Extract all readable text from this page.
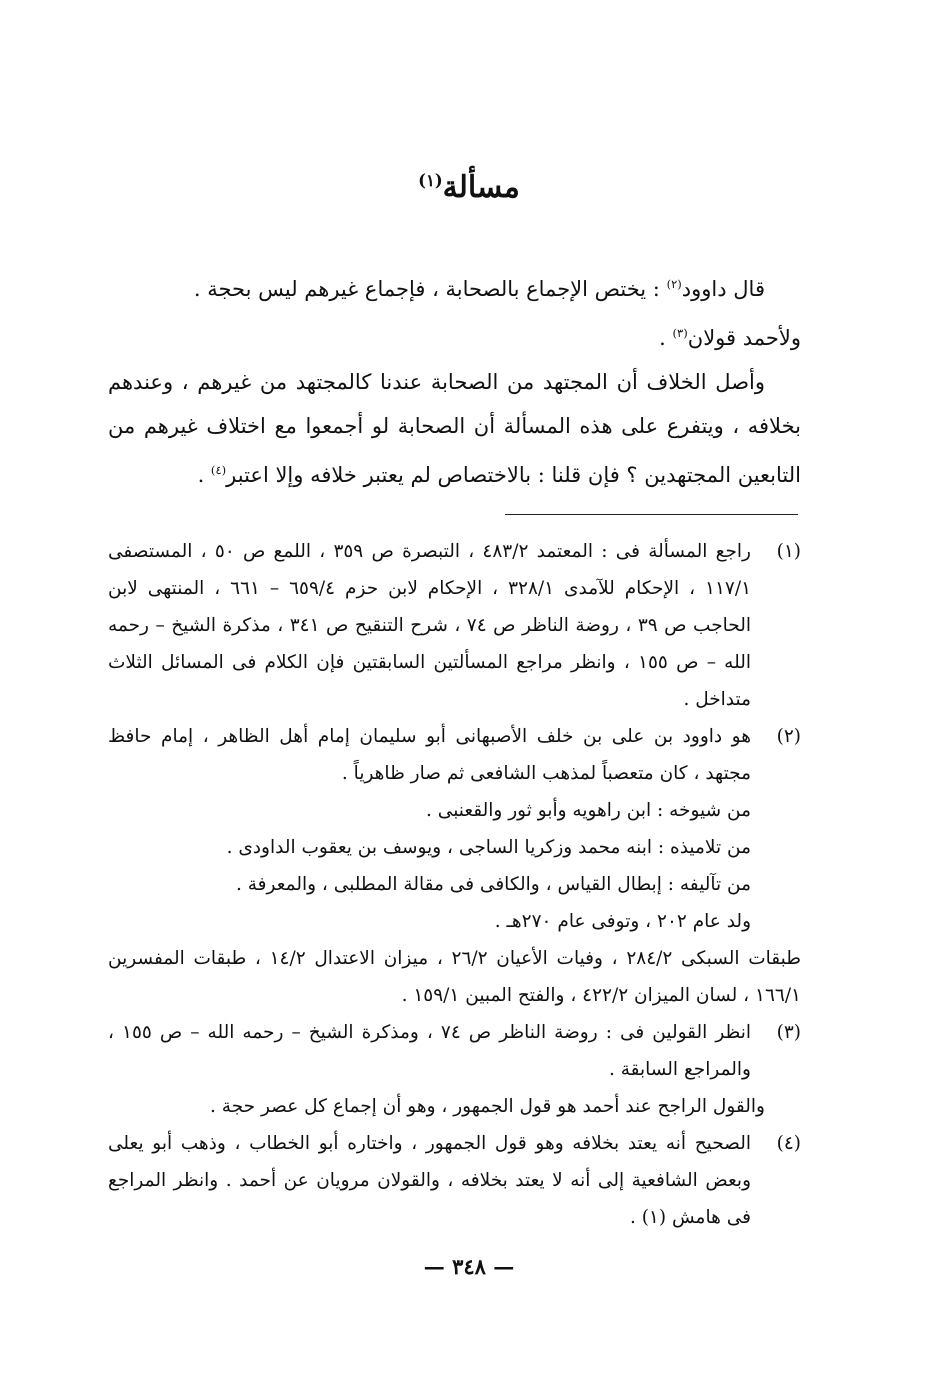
مسألة$^{(١)}$

قال داوود$^{(٢)}$ : يختص الإجماع بالصحابة ، فإجماع غيرهم ليس بحجة .

ولأحمد قولان$^{(٣)}$ .

وأصل الخلاف أن المجتهد من الصحابة عندنا كالمجتهد من غيرهم ، وعندهم بخلافه ، ويتفرع على هذه المسألة أن الصحابة لو أجمعوا مع اختلاف غيرهم من التابعين المجتهدين ؟ فإن قلنا : بالاختصاص لم يعتبر خلافه وإلا اعتبر$^{(٤)}$ .

(١)

راجع المسألة فى : المعتمد ٤٨٣/٢ ، التبصرة ص ٣٥٩ ، اللمع ص ٥٠ ، المستصفى ١١٧/١ ، الإحكام للآمدى ٣٢٨/١ ، الإحكام لابن حزم ٦٥٩/٤ – ٦٦١ ، المنتهى لابن الحاجب ص ٣٩ ، روضة الناظر ص ٧٤ ، شرح التنقيح ص ٣٤١ ، مذكرة الشيخ – رحمه الله – ص ١٥٥ ، وانظر مراجع المسألتين السابقتين فإن الكلام فى المسائل الثلاث متداخل .

(٢)

هو داوود بن على بن خلف الأصبهانى أبو سليمان إمام أهل الظاهر ، إمام حافظ مجتهد ، كان متعصباً لمذهب الشافعى ثم صار ظاهرياً .

من شيوخه : ابن راهويه وأبو ثور والقعنبى .

من تلاميذه : ابنه محمد وزكريا الساجى ، ويوسف بن يعقوب الداودى .

من تآليفه : إبطال القياس ، والكافى فى مقالة المطلبى ، والمعرفة .

ولد عام ٢٠٢ ، وتوفى عام ٢٧٠هـ .

طبقات السبكى ٢٨٤/٢ ، وفيات الأعيان ٢٦/٢ ، ميزان الاعتدال ١٤/٢ ، طبقات المفسرين ١٦٦/١ ، لسان الميزان ٤٢٢/٢ ، والفتح المبين ١٥٩/١ .

(٣)

انظر القولين فى : روضة الناظر ص ٧٤ ، ومذكرة الشيخ – رحمه الله – ص ١٥٥ ، والمراجع السابقة .

والقول الراجح عند أحمد هو قول الجمهور ، وهو أن إجماع كل عصر حجة .

(٤)

الصحيح أنه يعتد بخلافه وهو قول الجمهور ، واختاره أبو الخطاب ، وذهب أبو يعلى وبعض الشافعية إلى أنه لا يعتد بخلافه ، والقولان مرويان عن أحمد . وانظر المراجع فى هامش (١) .

— ٣٤٨ —
